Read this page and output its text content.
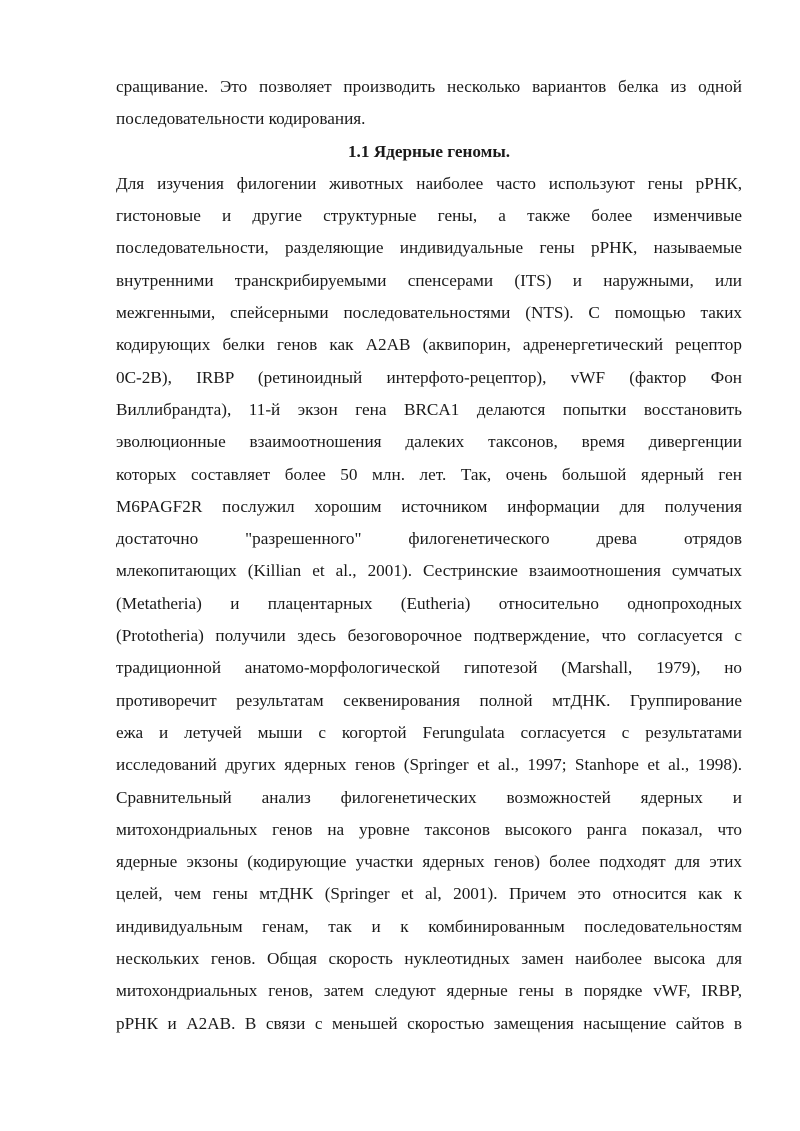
сращивание. Это позволяет производить несколько вариантов белка из одной
последовательности кодирования.
1.1 Ядерные геномы.
Для изучения филогении животных наиболее часто используют гены рРНК,
гистоновые и другие структурные гены, а также более изменчивые
последовательности, разделяющие индивидуальные гены рРНК, называемые
внутренними транскрибируемыми спенсерами (ITS) и наружными, или
межгенными, спейсерными последовательностями (NTS). С помощью таких
кодирующих белки генов как A2AB (аквипорин, адренергетический рецептор
0С-2В), IRBP (ретиноидный интерфото-рецептор), vWF (фактор Фон
Виллибрандта), 11-й экзон гена BRCA1 делаются попытки восстановить
эволюционные взаимоотношения далеких таксонов, время дивергенции
которых составляет более 50 млн. лет. Так, очень большой ядерный ген
M6PAGF2R послужил хорошим источником информации для получения
достаточно "разрешенного" филогенетического древа отрядов
млекопитающих (Killian et al., 2001). Сестринские взаимоотношения сумчатых
(Metatheria) и плацентарных (Eutheria) относительно однопроходных
(Prototheria) получили здесь безоговорочное подтверждение, что согласуется с
традиционной анатомо-морфологической гипотезой (Marshall, 1979), но
противоречит результатам секвенирования полной мтДНК. Группирование
ежа и летучей мыши с когортой Ferungulata согласуется с результатами
исследований других ядерных генов (Springer et al., 1997; Stanhope et al., 1998).
Сравнительный анализ филогенетических возможностей ядерных и
митохондриальных генов на уровне таксонов высокого ранга показал, что
ядерные экзоны (кодирующие участки ядерных генов) более подходят для этих
целей, чем гены мтДНК (Springer et al, 2001). Причем это относится как к
индивидуальным генам, так и к комбинированным последовательностям
нескольких генов. Общая скорость нуклеотидных замен наиболее высока для
митохондриальных генов, затем следуют ядерные гены в порядке vWF, IRBP,
рРНК и A2AB. В связи с меньшей скоростью замещения насыщение сайтов в
